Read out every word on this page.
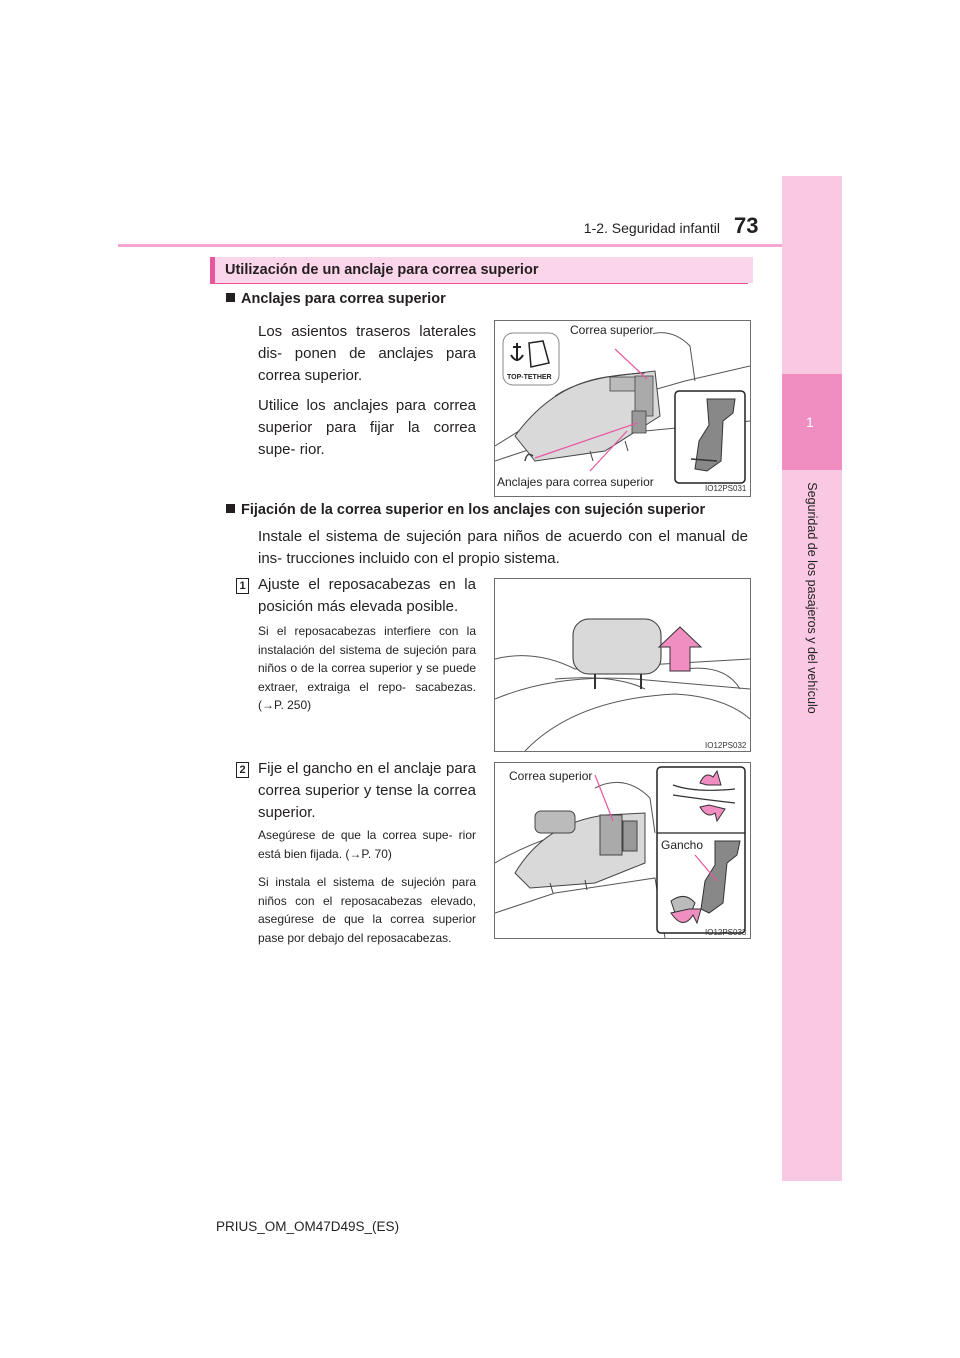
1-2. Seguridad infantil 73
1
Seguridad de los pasajeros y del vehículo
Utilización de un anclaje para correa superior
Anclajes para correa superior
Los asientos traseros laterales dis- ponen de anclajes para correa superior.
Utilice los anclajes para correa superior para fijar la correa supe- rior.
TOP-TETHER
Correa superior
Anclajes para correa superior	IO12PS031
Fijación de la correa superior en los anclajes con sujeción superior
Instale el sistema de sujeción para niños de acuerdo con el manual de ins- trucciones incluido con el propio sistema.
1 Ajuste el reposacabezas en la posición más elevada posible.
Si el reposacabezas interfiere con la instalación del sistema de sujeción para niños o de la correa superior y se puede extraer, extraiga el repo- sacabezas. (→P. 250)
IO12PS032
2 Fije el gancho en el anclaje para correa superior y tense la correa superior.
Asegúrese de que la correa supe- rior está bien fijada. (→P. 70)
Si instala el sistema de sujeción para niños con el reposacabezas elevado, asegúrese de que la correa superior pase por debajo del reposacabezas.
Correa superior
Gancho
IO12PS033
PRIUS_OM_OM47D49S_(ES)
